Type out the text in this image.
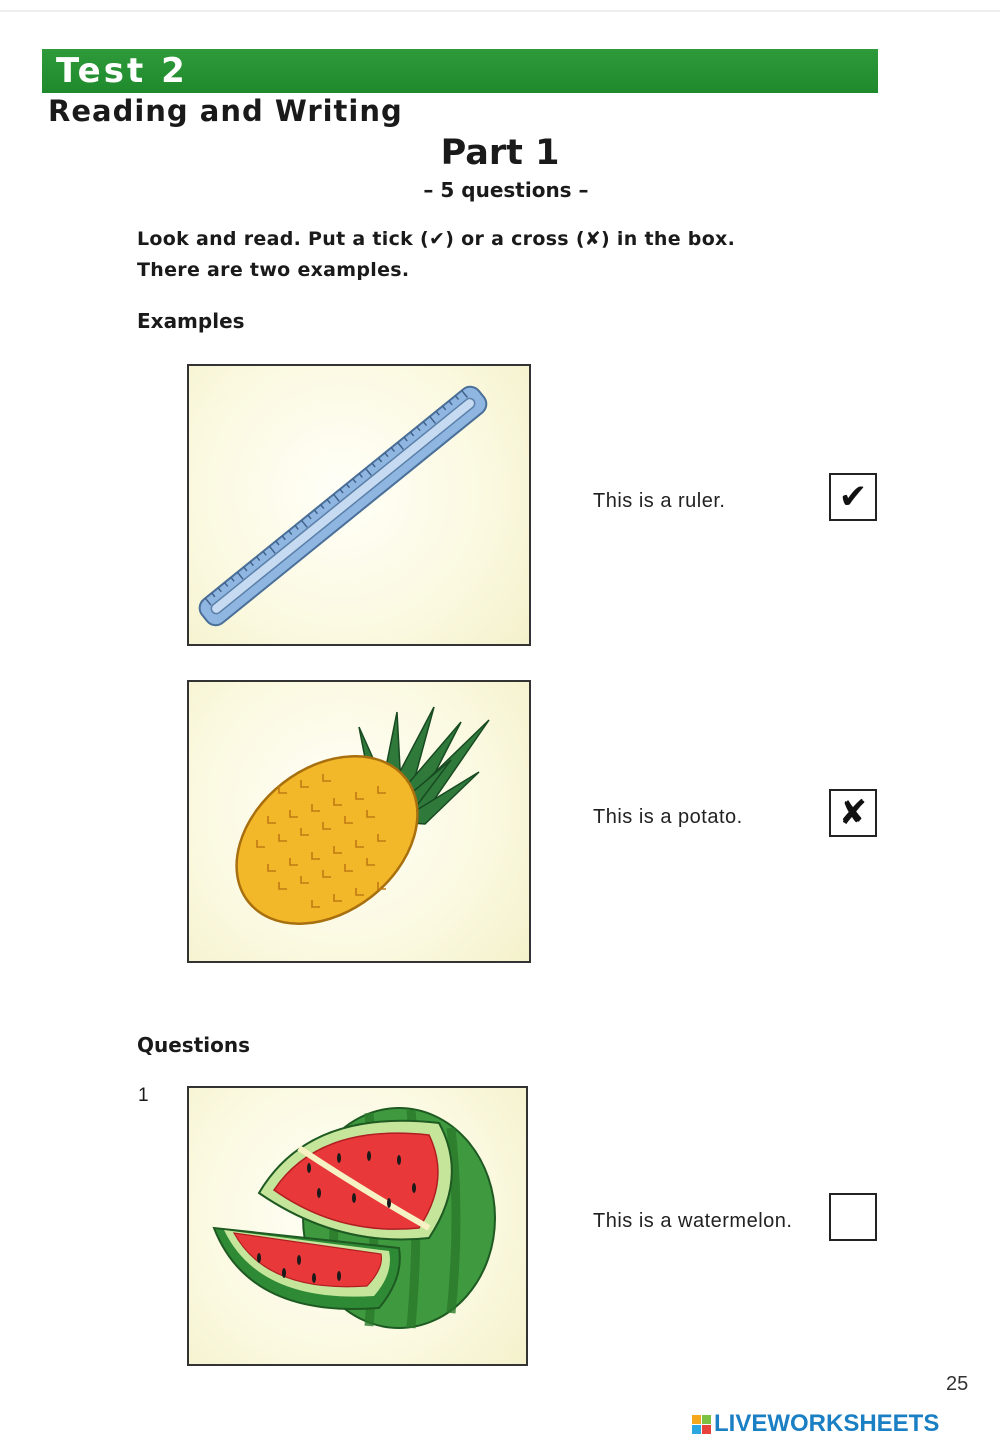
Test 2
Reading and Writing
Part 1
– 5 questions –
Look and read. Put a tick (✔) or a cross (✘) in the box.
There are two examples.
Examples
This is a ruler.	✔
This is a potato.	✘
Questions
1
This is a watermelon.
25
LIVEWORKSHEETS
